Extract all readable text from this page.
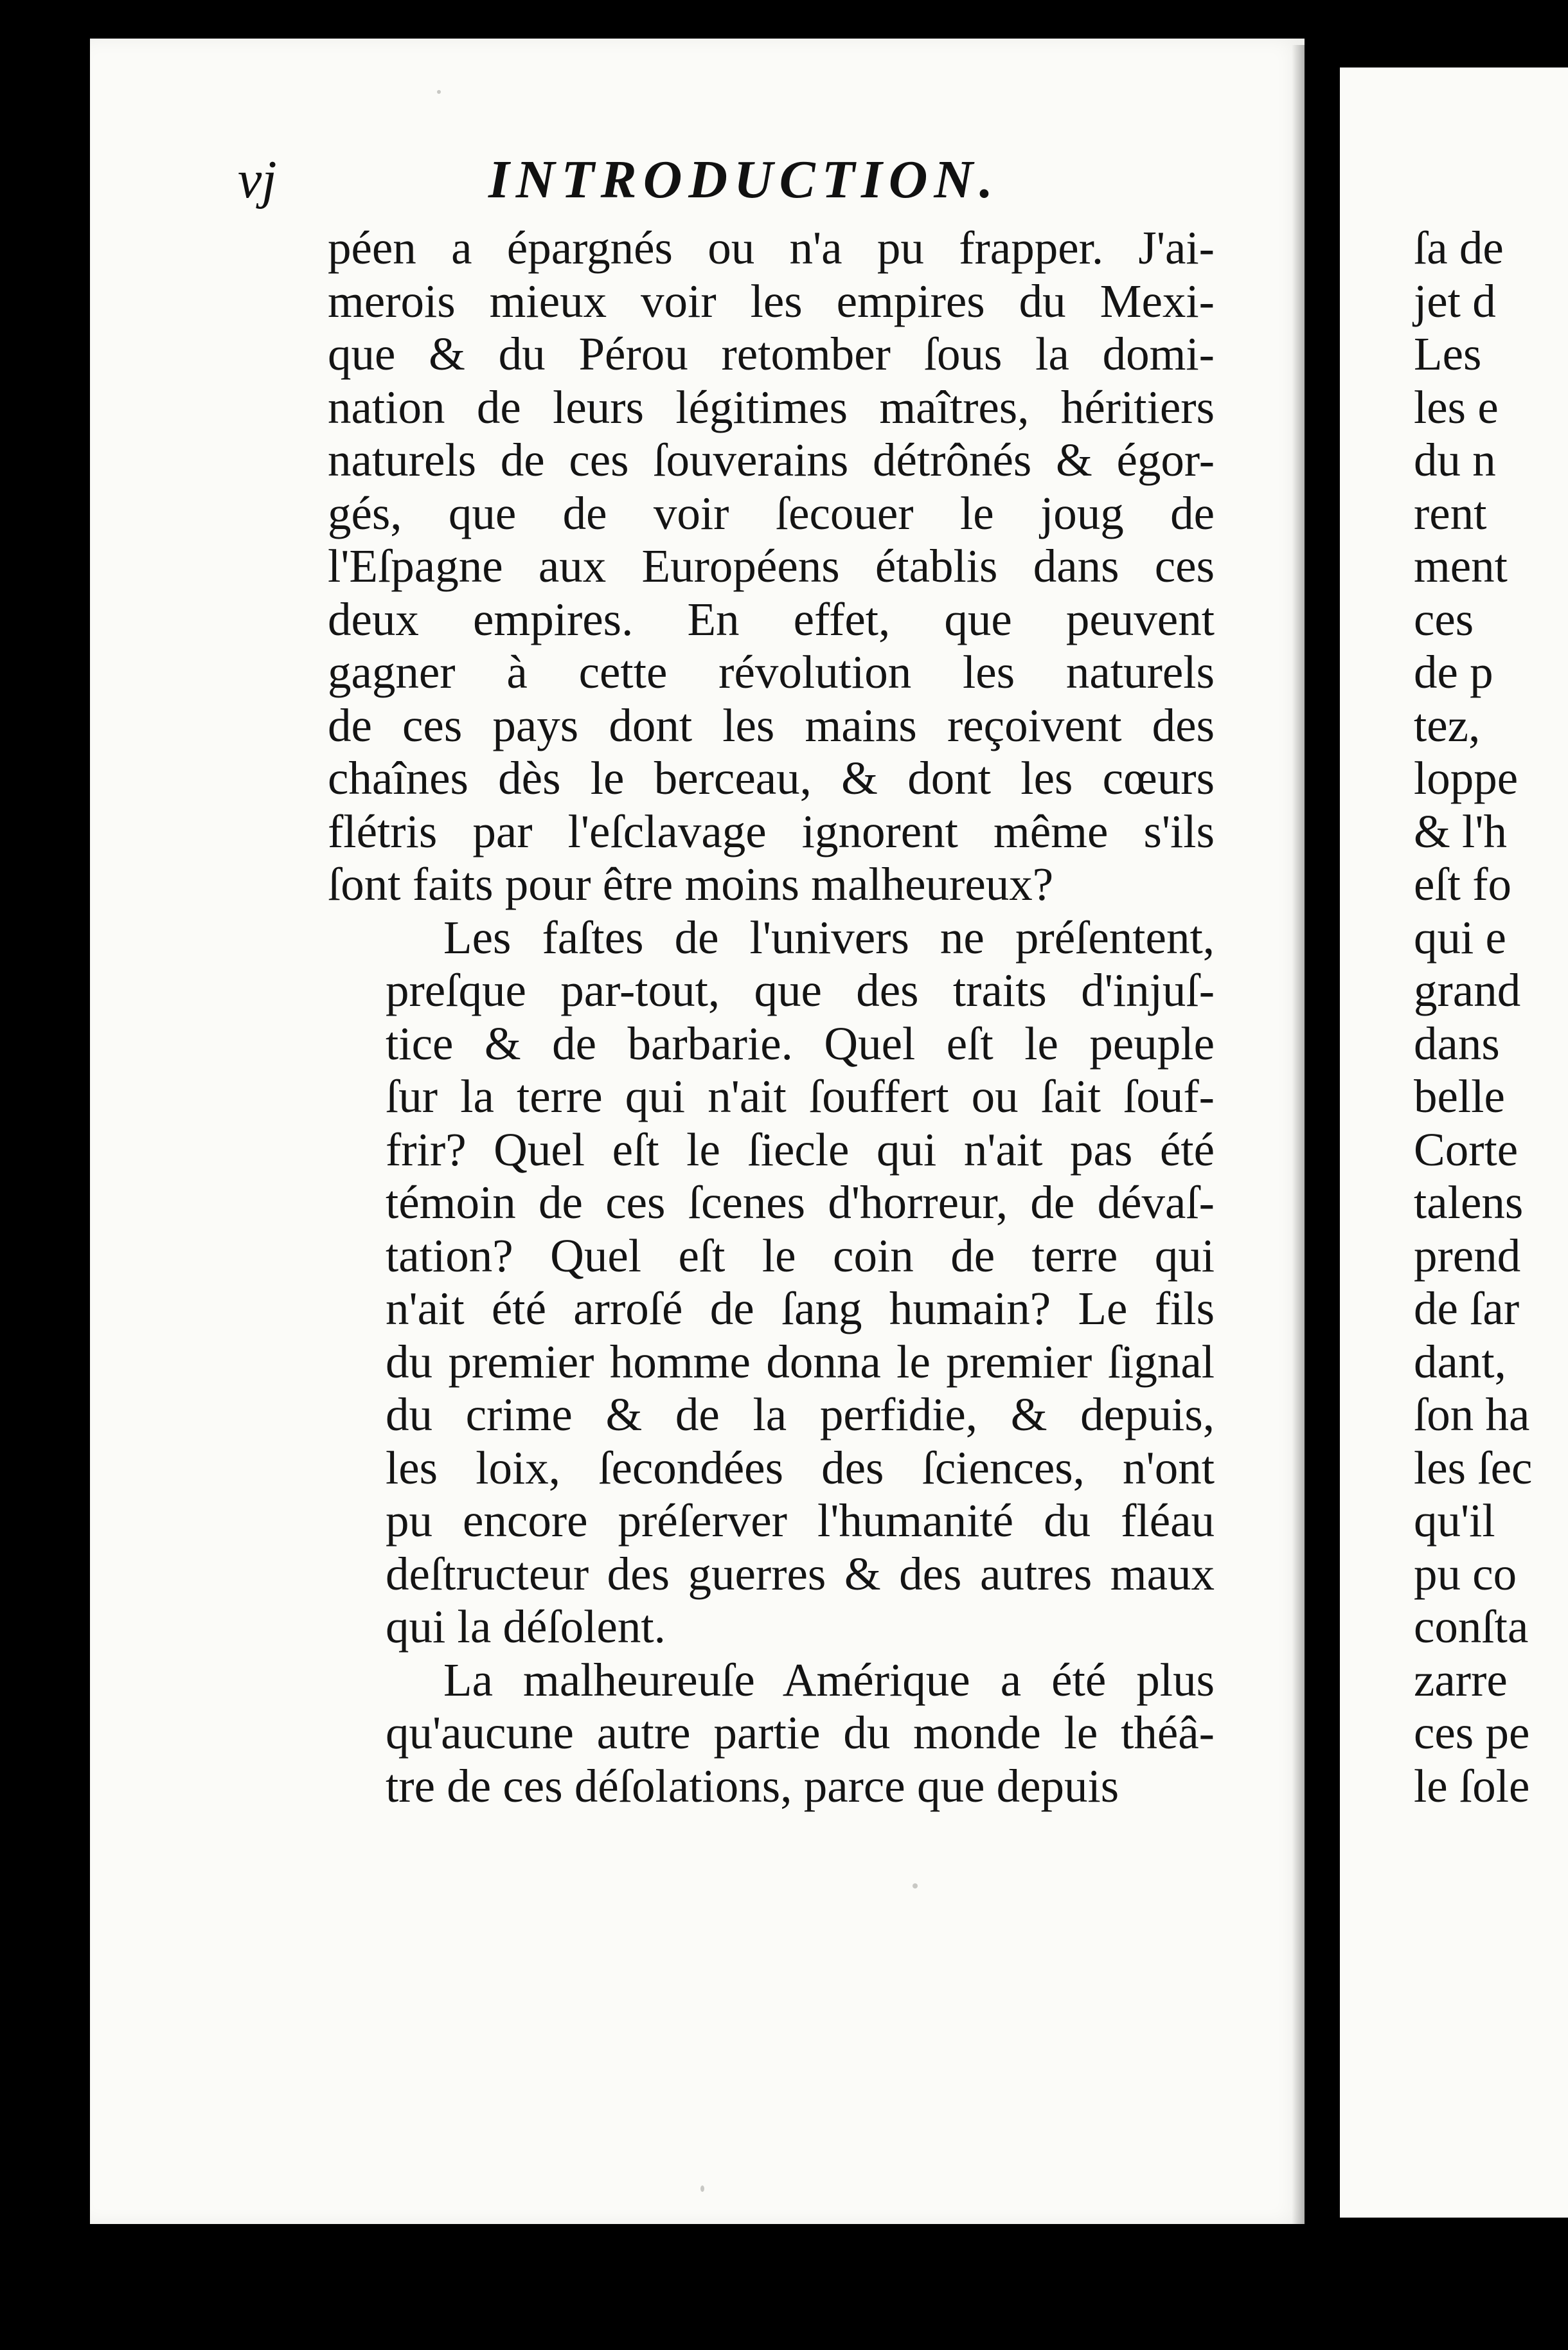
vj	INTRODUCTION.
péen a épargnés ou n'a pu frapper. J'ai-
merois mieux voir les empires du Mexi-
que & du Pérou retomber ſous la domi-
nation de leurs légitimes maîtres, héritiers
naturels de ces ſouverains détrônés & égor-
gés, que de voir ſecouer le joug de
l'Eſpagne aux Européens établis dans ces
deux empires. En effet, que peuvent
gagner à cette révolution les naturels
de ces pays dont les mains reçoivent des
chaînes dès le berceau, & dont les cœurs
flétris par l'eſclavage ignorent même s'ils
ſont faits pour être moins malheureux?
Les faſtes de l'univers ne préſentent,
preſque par-tout, que des traits d'injuſ-
tice & de barbarie. Quel eſt le peuple
ſur la terre qui n'ait ſouffert ou ſait ſouf-
frir? Quel eſt le ſiecle qui n'ait pas été
témoin de ces ſcenes d'horreur, de dévaſ-
tation? Quel eſt le coin de terre qui
n'ait été arroſé de ſang humain? Le fils
du premier homme donna le premier ſignal
du crime & de la perfidie, & depuis,
les loix, ſecondées des ſciences, n'ont
pu encore préſerver l'humanité du fléau
deſtructeur des guerres & des autres maux
qui la déſolent.
La malheureuſe Amérique a été plus
qu'aucune autre partie du monde le théâ-
tre de ces déſolations, parce que depuis
ſa de
jet d
Les
les e
du n
rent
ment
ces
de p
tez,
loppe
& l'h
eſt fo
qui e
grand
dans
belle
Corte
talens
prend
de ſar
dant,
ſon ha
les ſec
qu'il
pu co
conſta
zarre
ces pe
le ſole
